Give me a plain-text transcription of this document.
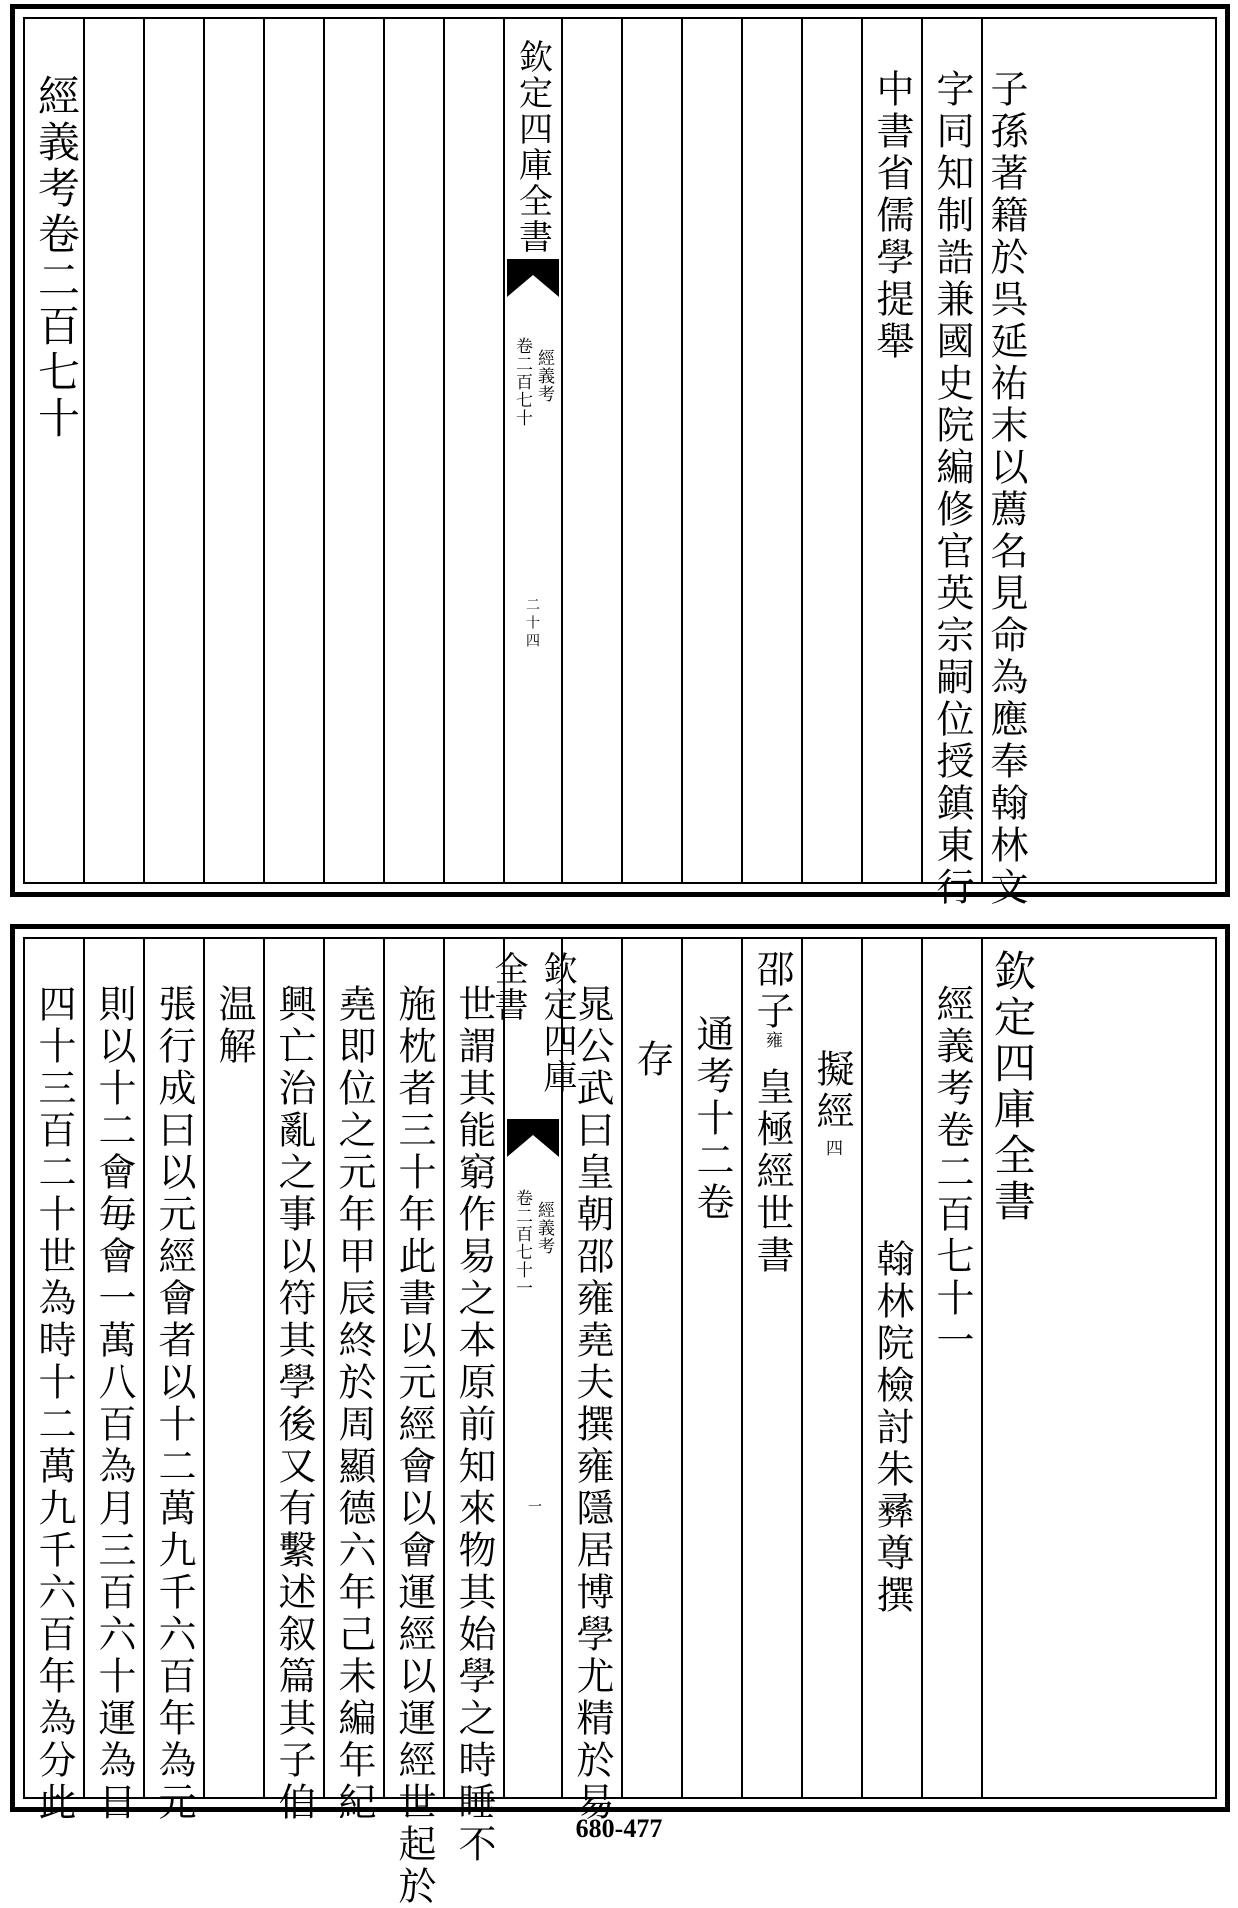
經義考卷二百七十	欽定四庫全書
經義考
卷二百七十
二十四
中書省儒學提舉 字同知制誥兼國史院編修官英宗嗣位授鎮東行 子孫著籍於呉延祐末以薦名見命為應奉翰林文
四十三百二十世為時十二萬九千六百年為分此 則以十二會毎會一萬八百為月三百六十運為日 張行成曰以元經會者以十二萬九千六百年為元 温解 興亡治亂之事以符其學後又有繫述叙篇其子伯 堯即位之元年甲辰終於周顯德六年己未編年紀 施枕者三十年此書以元經會以會運經以運經世起於 世謂其能窮作易之本原前知來物其始學之時睡不	欽定四庫全書
經義考
卷二百七十一
一 晁公武曰皇朝邵雍堯夫撰雍隱居博學尤精於易 存 通考十二卷
邵子
雍
皇極經世書 擬經
四
翰林院檢討朱彞尊撰
經義考卷二百七十一 欽定四庫全書
680-477
